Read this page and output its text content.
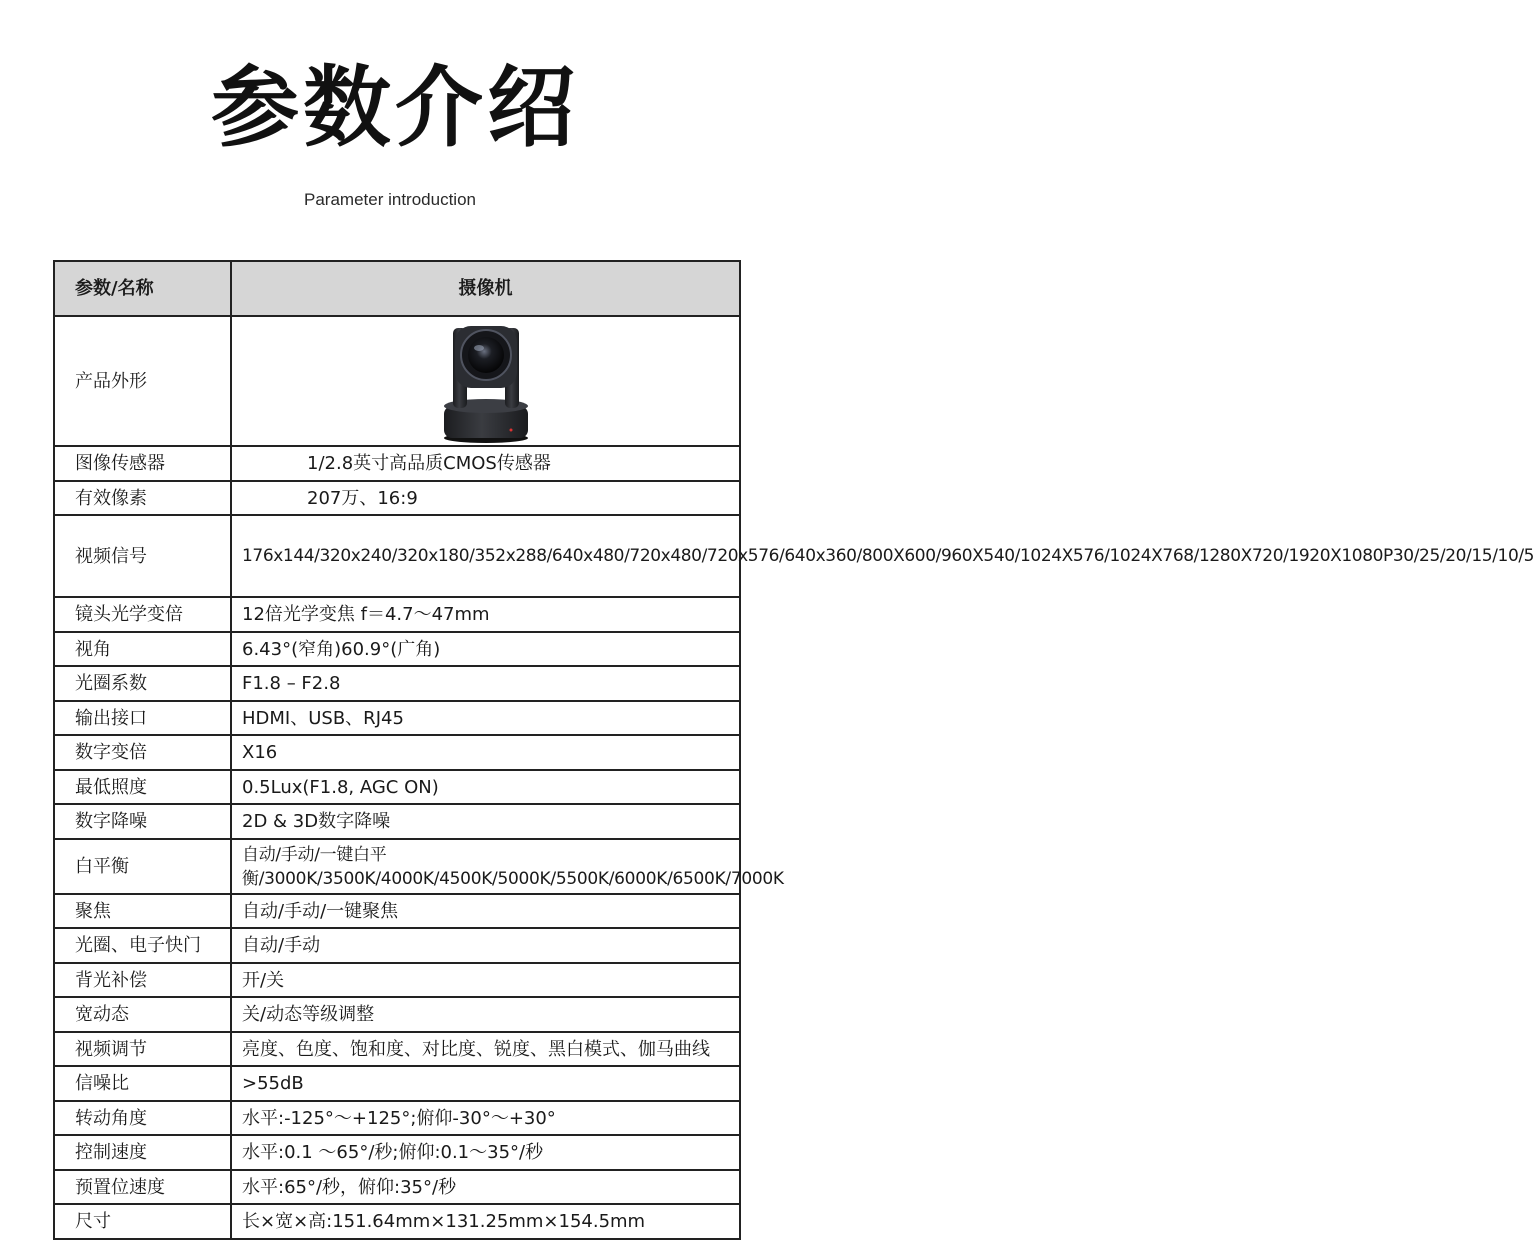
参数介绍
Parameter introduction
参数/名称	摄像机
产品外形	

图像传感器	1/2.8英寸高品质CMOS传感器
有效像素	207万、16:9
视频信号	176x144/320x240/320x180/352x288/640x480/720x480/720x576/640x360/800X600/960X540/1024X576/1024X768/1280X720/1920X1080P30/25/20/15/10/5
镜头光学变倍	12倍光学变焦 f＝4.7～47mm
视角	6.43°(窄角)60.9°(广角)
光圈系数	F1.8 – F2.8
输出接口	HDMI、USB、RJ45
数字变倍	X16
最低照度	0.5Lux(F1.8, AGC ON)
数字降噪	2D & 3D数字降噪
白平衡	自动/手动/一键白平衡/3000K/3500K/4000K/4500K/5000K/5500K/6000K/6500K/7000K
聚焦	自动/手动/一键聚焦
光圈、电子快门	自动/手动
背光补偿	开/关
宽动态	关/动态等级调整
视频调节	亮度、色度、饱和度、对比度、锐度、黑白模式、伽马曲线
信噪比	>55dB
转动角度	水平:-125°～+125°;俯仰-30°～+30°
控制速度	水平:0.1 ～65°/秒;俯仰:0.1～35°/秒
预置位速度	水平:65°/秒，俯仰:35°/秒
尺寸	长×宽×高:151.64mm×131.25mm×154.5mm
